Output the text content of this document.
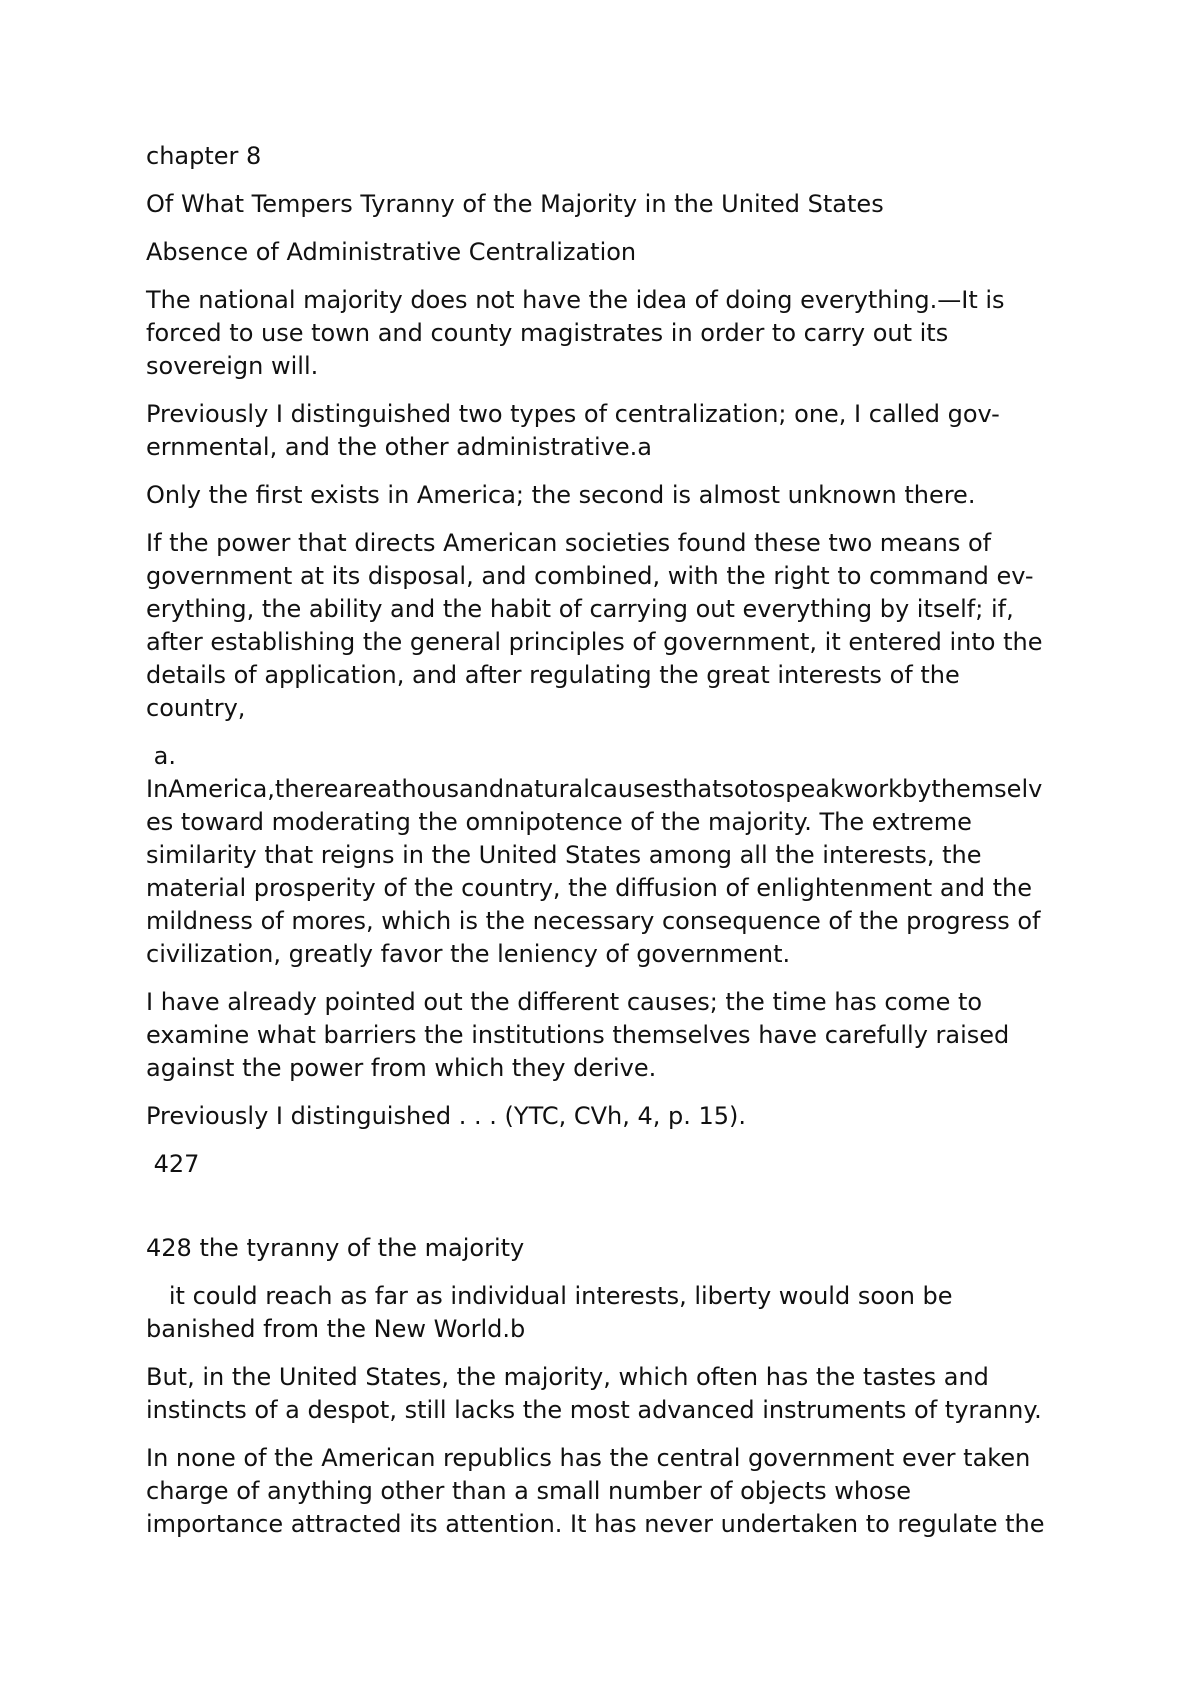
chapter 8

Of What Tempers Tyranny of the Majority in the United States

Absence of Administrative Centralization

The national majority does not have the idea of doing everything.—It is
forced to use town and county magistrates in order to carry out its
sovereign will.

Previously I distinguished two types of centralization; one, I called gov-
ernmental, and the other administrative.a

Only the first exists in America; the second is almost unknown there.

If the power that directs American societies found these two means of
government at its disposal, and combined, with the right to command ev-
erything, the ability and the habit of carrying out everything by itself; if,
after establishing the general principles of government, it entered into the
details of application, and after regulating the great interests of the
country,

a.

InAmerica,thereareathousandnaturalcausesthatsotospeakworkbythemselv

es toward moderating the omnipotence of the majority. The extreme
similarity that reigns in the United States among all the interests, the
material prosperity of the country, the diffusion of enlightenment and the
mildness of mores, which is the necessary consequence of the progress of
civilization, greatly favor the leniency of government.

I have already pointed out the different causes; the time has come to
examine what barriers the institutions themselves have carefully raised
against the power from which they derive.

Previously I distinguished . . . (YTC, CVh, 4, p. 15).

427

428 the tyranny of the majority

it could reach as far as individual interests, liberty would soon be
banished from the New World.b

But, in the United States, the majority, which often has the tastes and
instincts of a despot, still lacks the most advanced instruments of tyranny.

In none of the American republics has the central government ever taken
charge of anything other than a small number of objects whose
importance attracted its attention. It has never undertaken to regulate the
